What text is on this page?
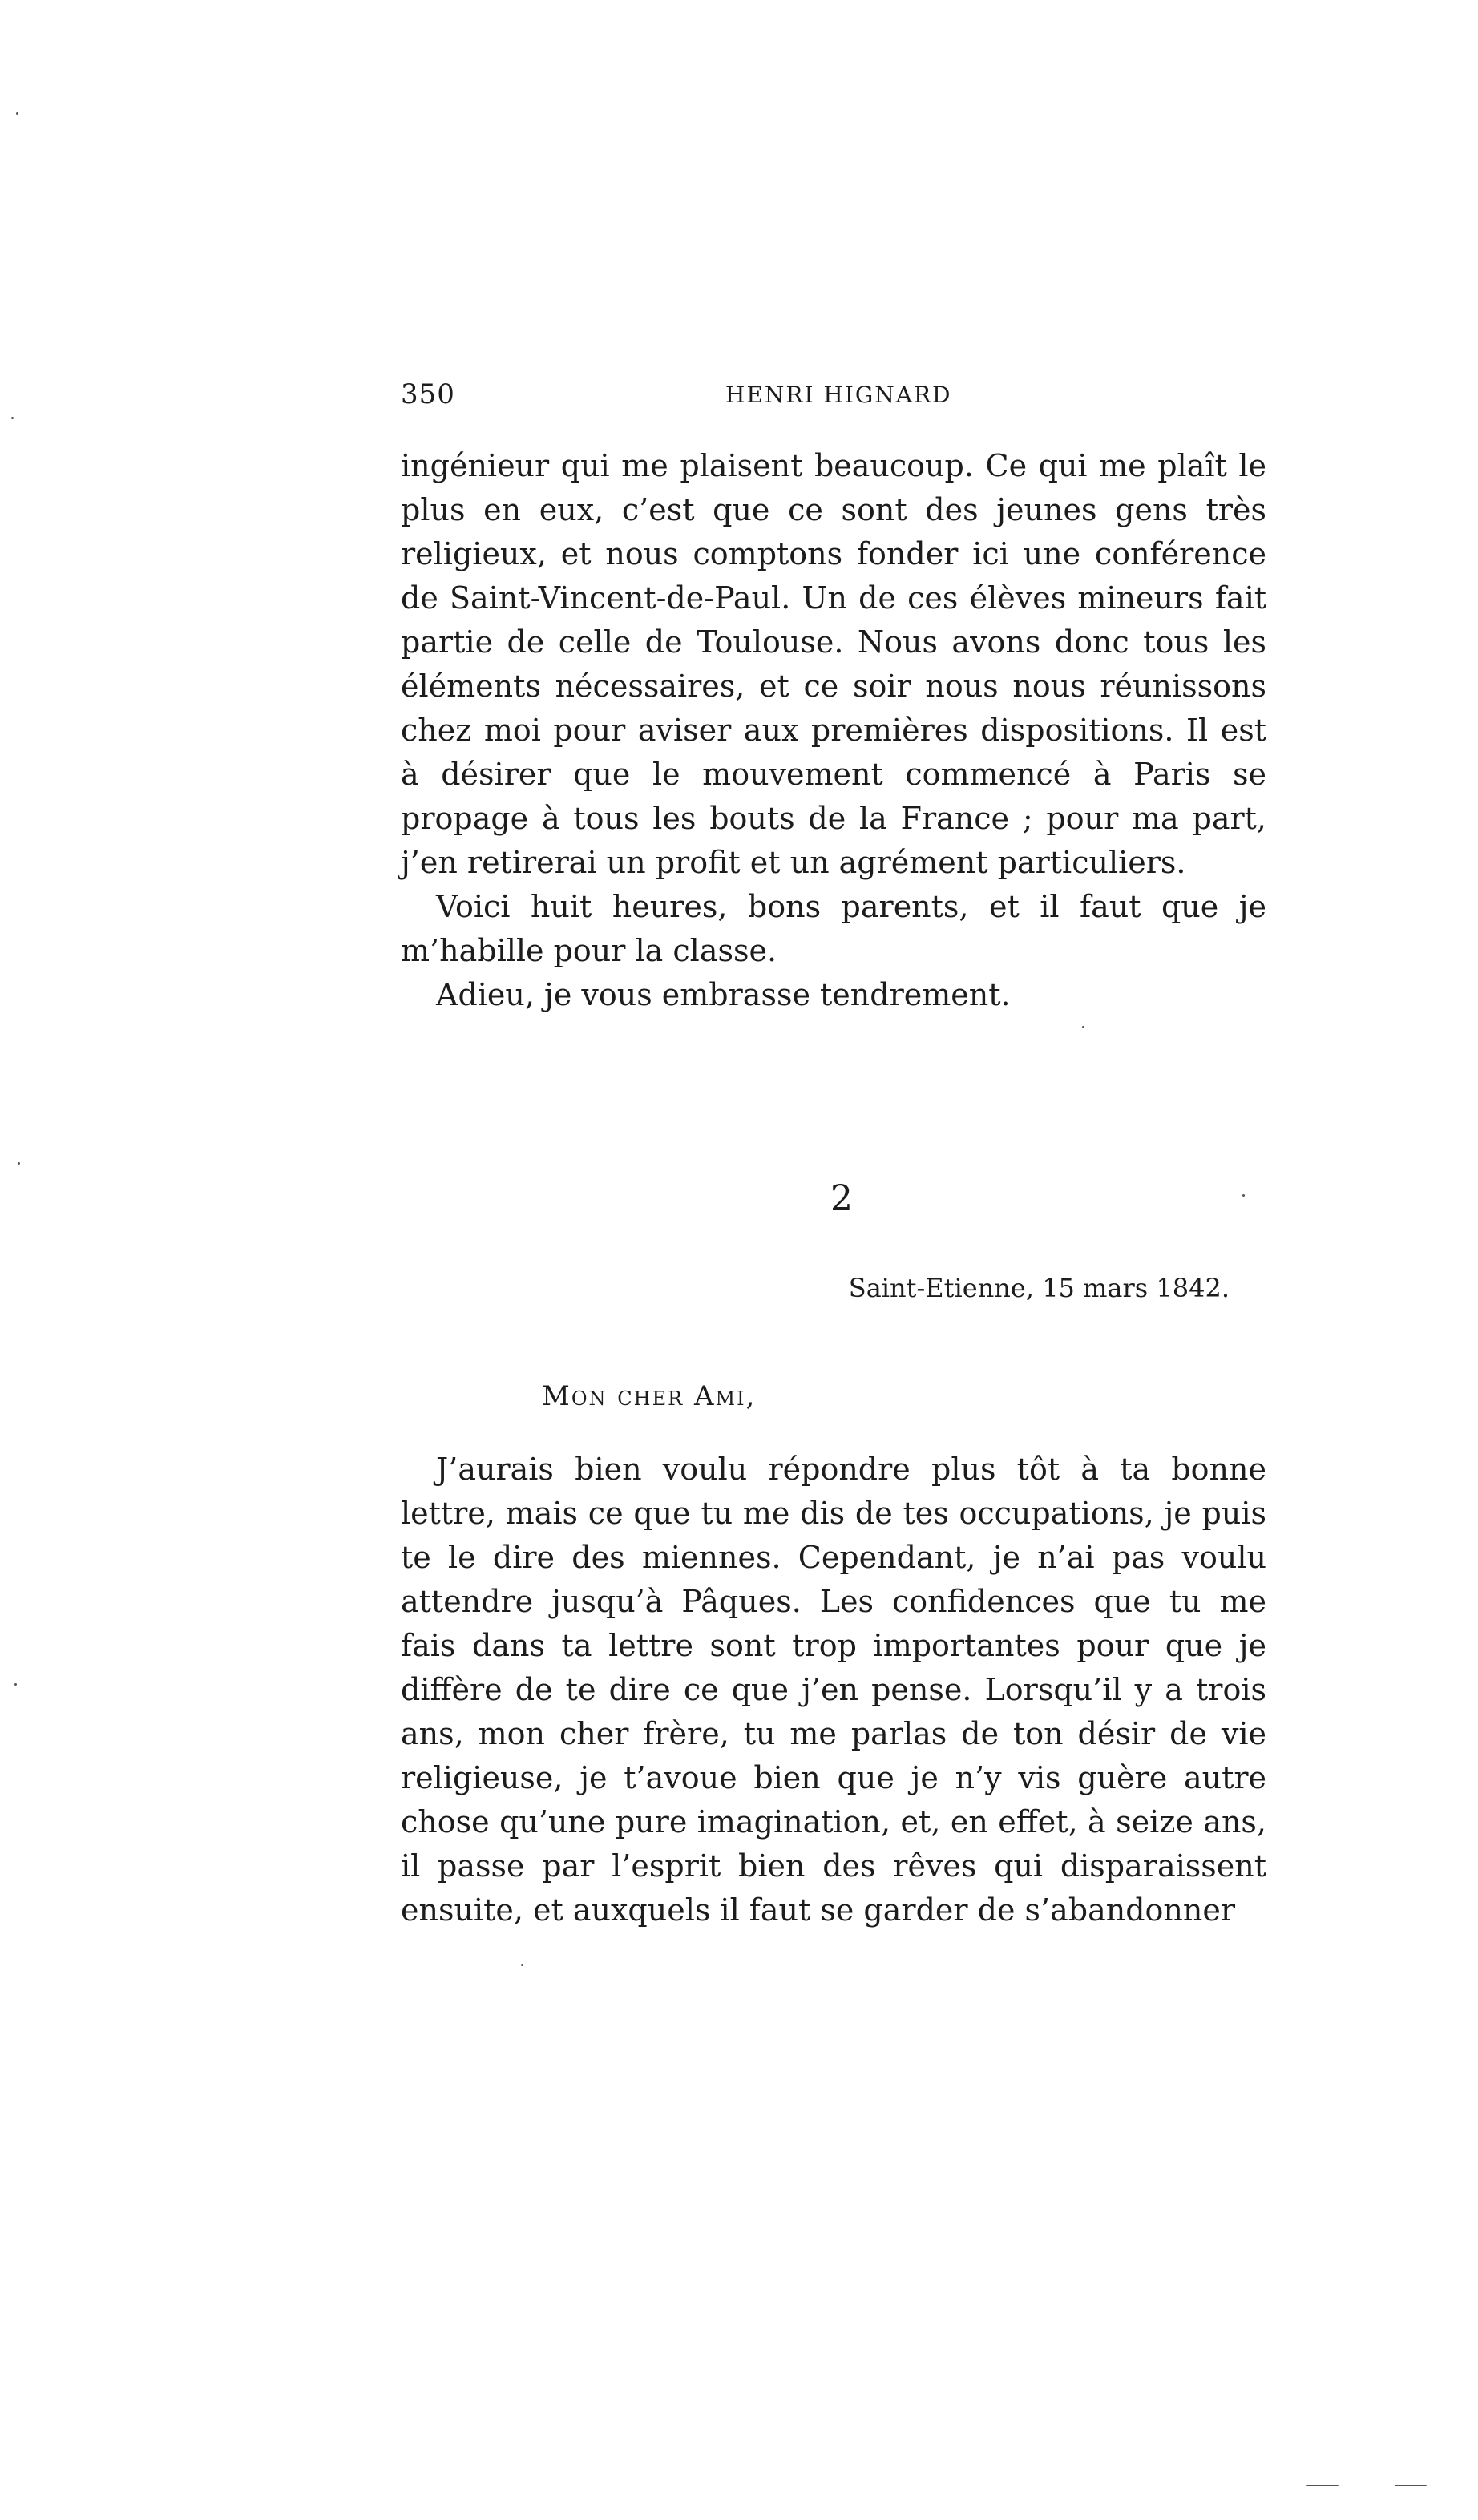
350	HENRI HIGNARD

ingénieur qui me plaisent beaucoup. Ce qui me plaît le plus en eux, c’est que ce sont des jeunes gens très religieux, et nous comptons fonder ici une conférence de Saint-Vincent-de-Paul. Un de ces élèves mineurs fait partie de celle de Toulouse. Nous avons donc tous les éléments nécessaires, et ce soir nous nous réunissons chez moi pour aviser aux premières dispositions. Il est à désirer que le mouvement commencé à Paris se propage à tous les bouts de la France ; pour ma part, j’en retirerai un profit et un agrément particuliers.

Voici huit heures, bons parents, et il faut que je m’habille pour la classe.

Adieu, je vous embrasse tendrement.

2
Saint-Etienne, 15 mars 1842.
Mon cher Ami,

J’aurais bien voulu répondre plus tôt à ta bonne lettre, mais ce que tu me dis de tes occupations, je puis te le dire des miennes. Cependant, je n’ai pas voulu attendre jusqu’à Pâques. Les confidences que tu me fais dans ta lettre sont trop importantes pour que je diffère de te dire ce que j’en pense. Lorsqu’il y a trois ans, mon cher frère, tu me parlas de ton désir de vie religieuse, je t’avoue bien que je n’y vis guère autre chose qu’une pure imagination, et, en effet, à seize ans, il passe par l’esprit bien des rêves qui disparaissent ensuite, et auxquels il faut se garder de s’abandonner
